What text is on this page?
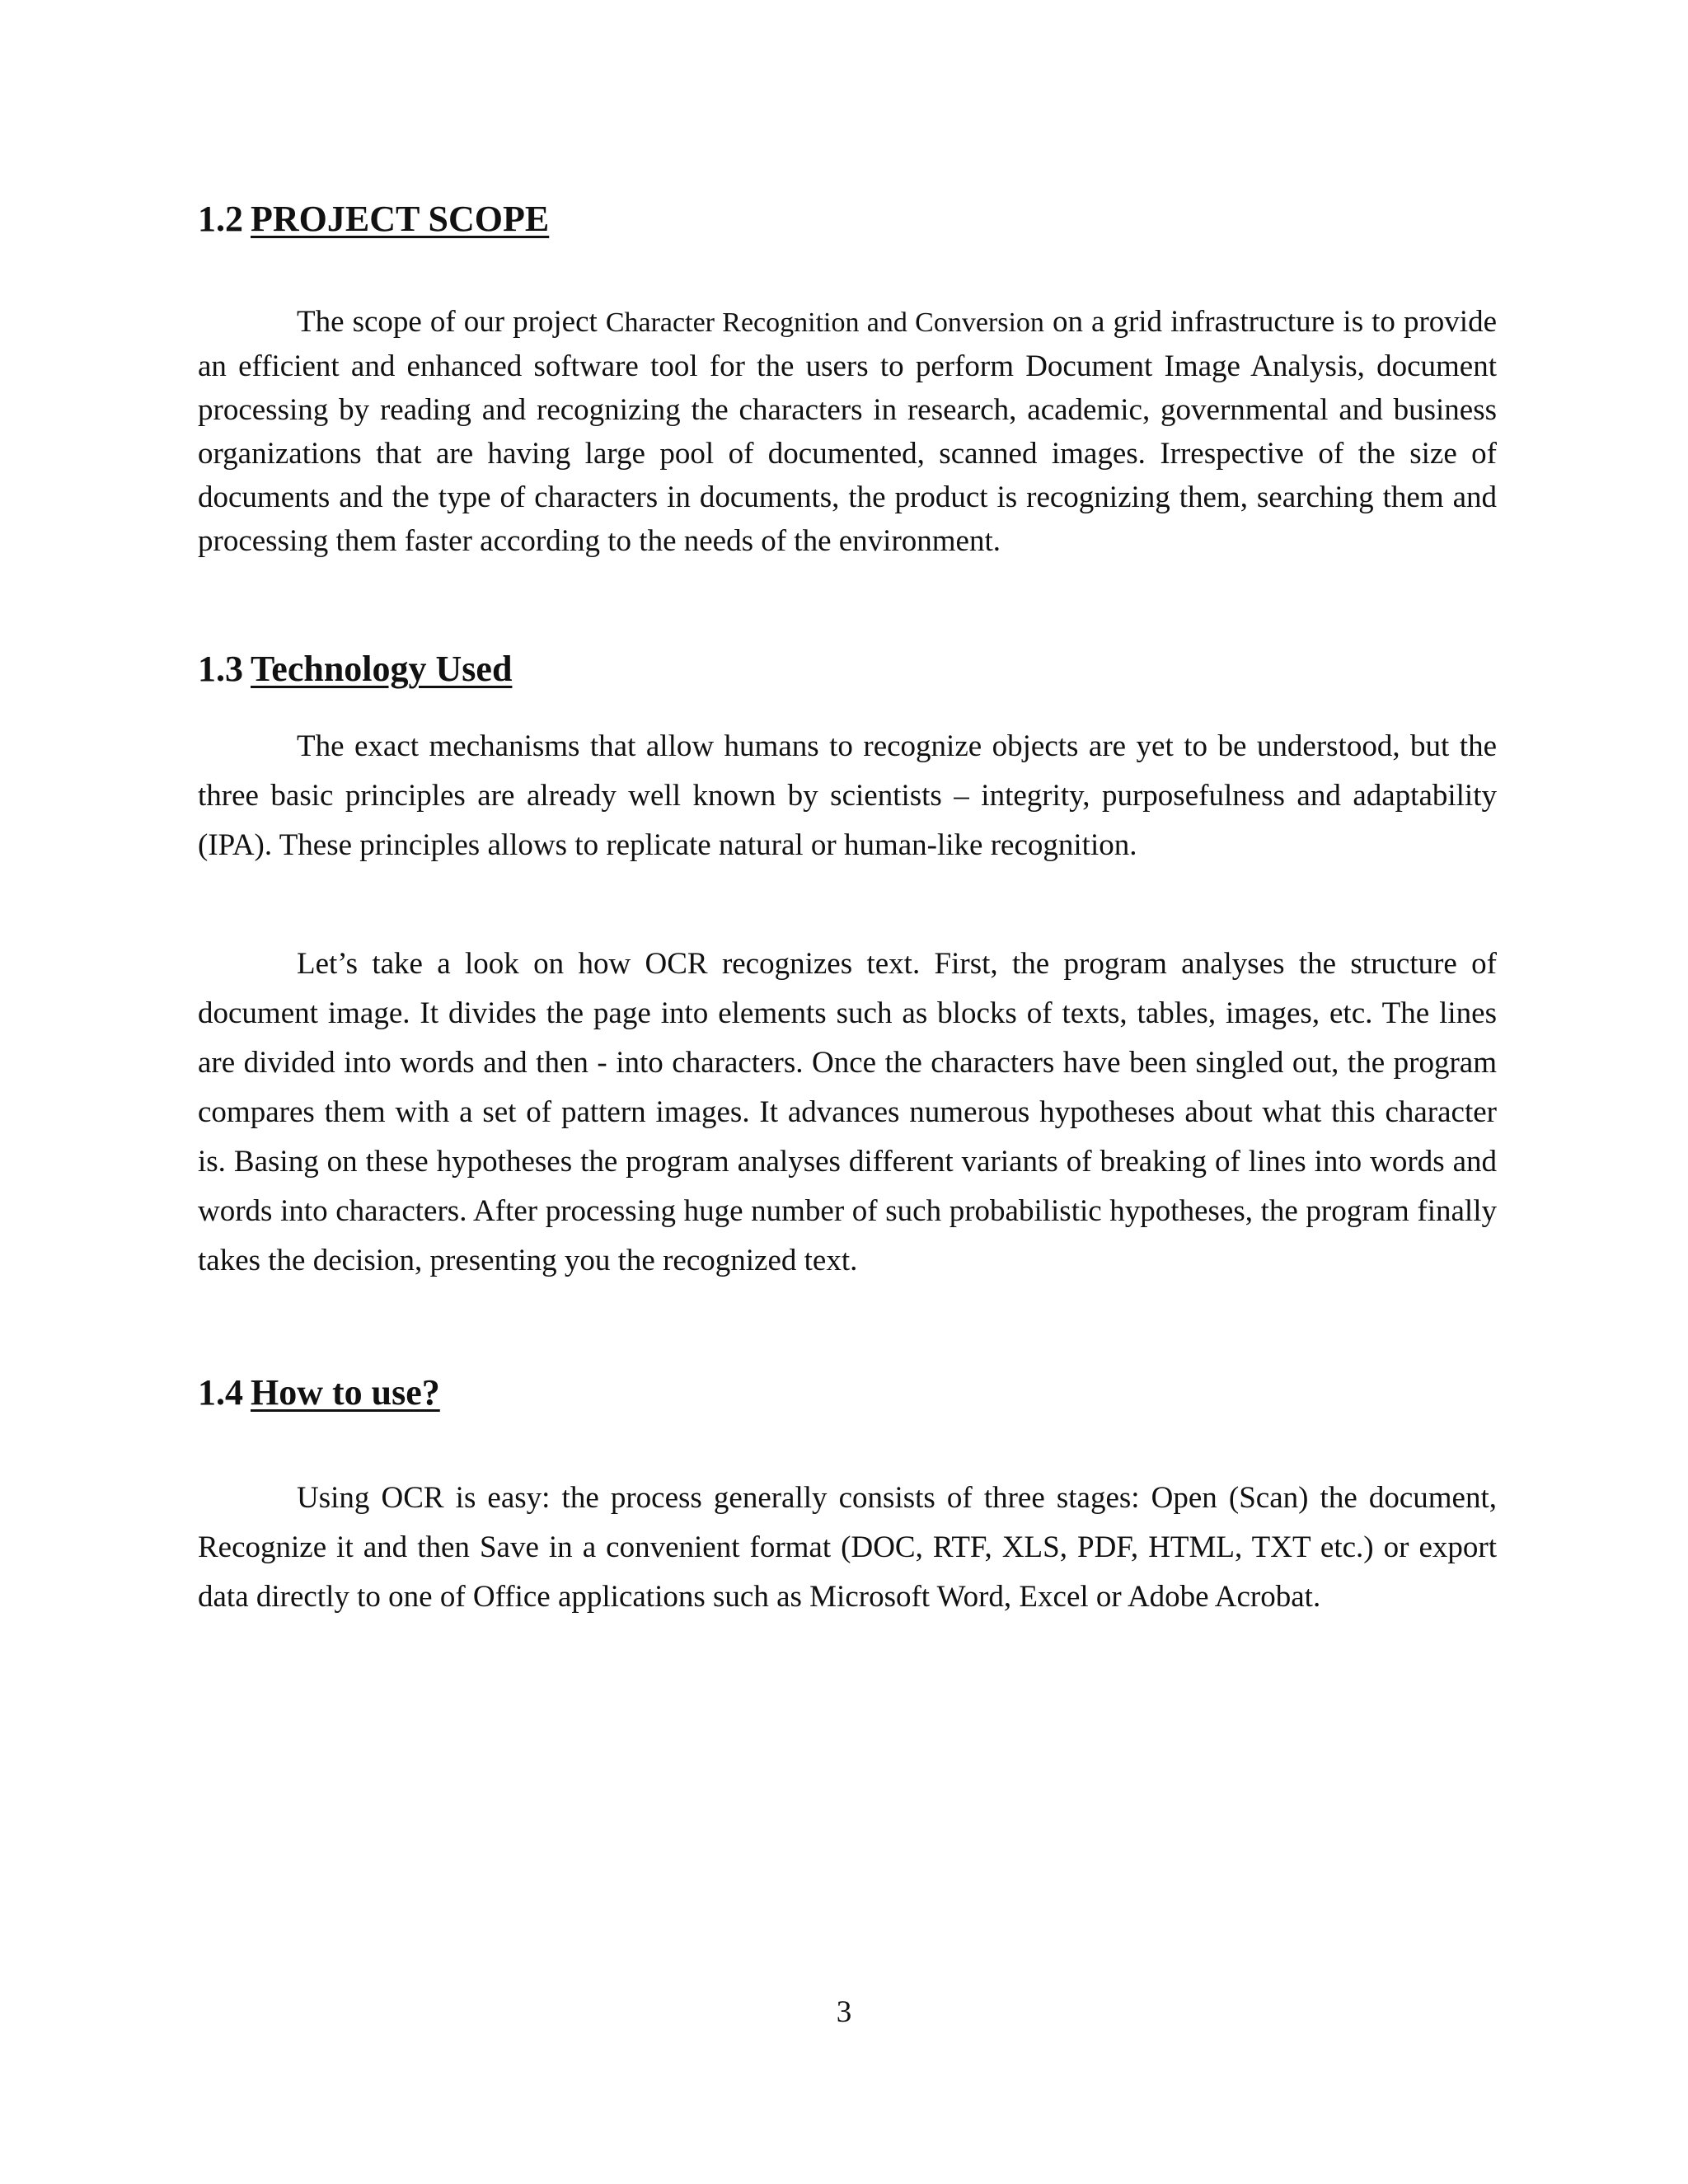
1.2 PROJECT SCOPE

The scope of our project Character Recognition and Conversion on a grid infrastructure is to provide an efficient and enhanced software tool for the users to perform Document Image Analysis, document processing by reading and recognizing the characters in research, academic, governmental and business organizations that are having large pool of documented, scanned images. Irrespective of the size of documents and the type of characters in documents, the product is recognizing them, searching them and processing them faster according to the needs of the environment.

1.3 Technology Used

The exact mechanisms that allow humans to recognize objects are yet to be understood, but the three basic principles are already well known by scientists – integrity, purposefulness and adaptability (IPA). These principles allows to replicate natural or human-like recognition.

Let’s take a look on how OCR recognizes text. First, the program analyses the structure of document image. It divides the page into elements such as blocks of texts, tables, images, etc. The lines are divided into words and then - into characters. Once the characters have been singled out, the program compares them with a set of pattern images. It advances numerous hypotheses about what this character is. Basing on these hypotheses the program analyses different variants of breaking of lines into words and words into characters. After processing huge number of such probabilistic hypotheses, the program finally takes the decision, presenting you the recognized text.

1.4 How to use?

Using OCR is easy: the process generally consists of three stages: Open (Scan) the document, Recognize it and then Save in a convenient format (DOC, RTF, XLS, PDF, HTML, TXT etc.) or export data directly to one of Office applications such as Microsoft Word, Excel or Adobe Acrobat.

3
